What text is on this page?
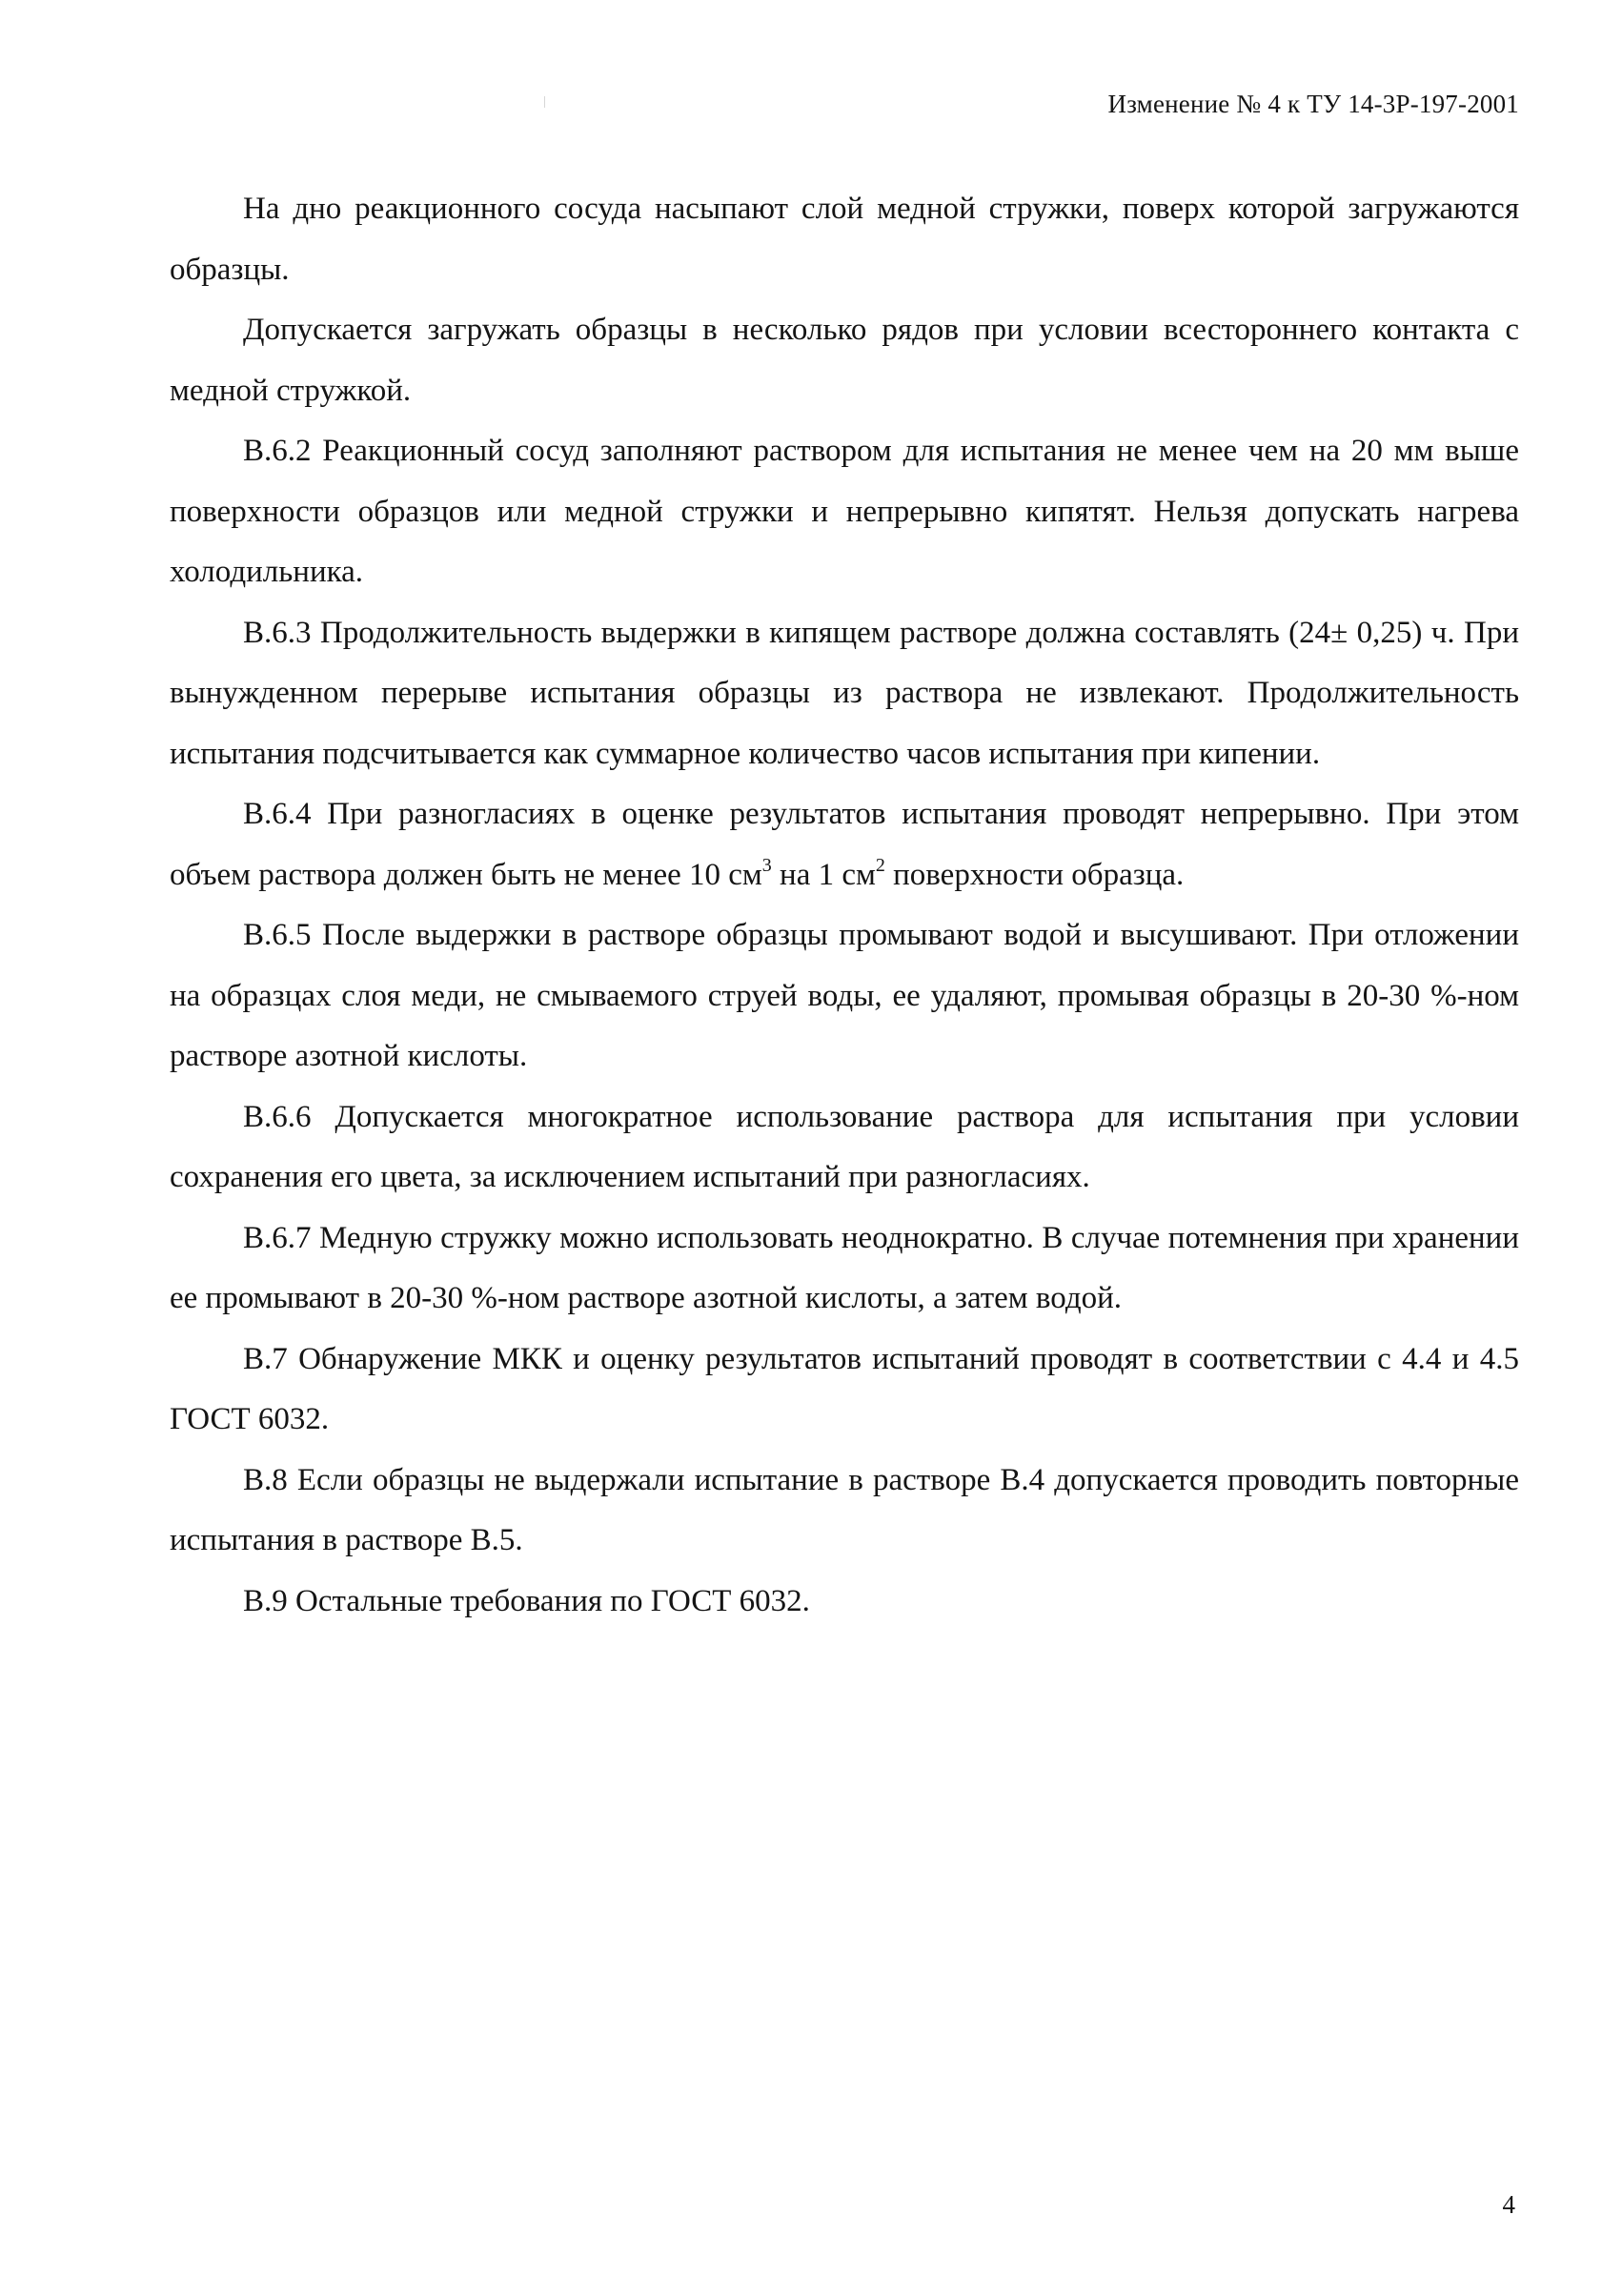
Изменение № 4 к ТУ 14-3Р-197-2001

На дно реакционного сосуда насыпают слой медной стружки, поверх которой загружаются образцы.

Допускается загружать образцы в несколько рядов при условии всестороннего контакта с медной стружкой.

В.6.2 Реакционный сосуд заполняют раствором для испытания не менее чем на 20 мм выше поверхности образцов или медной стружки и непрерывно кипятят. Нельзя допускать нагрева холодильника.

В.6.3 Продолжительность выдержки в кипящем растворе должна составлять (24± 0,25) ч. При вынужденном перерыве испытания образцы из раствора не извлекают. Продолжительность испытания подсчитывается как суммарное количество часов испытания при кипении.

В.6.4 При разногласиях в оценке результатов испытания проводят непрерывно. При этом объем раствора должен быть не менее 10 $см^3$ на 1 $см^2$ поверхности образца.

В.6.5 После выдержки в растворе образцы промывают водой и высушивают. При отложении на образцах слоя меди, не смываемого струей воды, ее удаляют, промывая образцы в 20-30 %-ном растворе азотной кислоты.

В.6.6 Допускается многократное использование раствора для испытания при условии сохранения его цвета, за исключением испытаний при разногласиях.

В.6.7 Медную стружку можно использовать неоднократно. В случае потемнения при хранении ее промывают в 20-30 %-ном растворе азотной кислоты, а затем водой.

В.7 Обнаружение МКК и оценку результатов испытаний проводят в соответствии с 4.4 и 4.5 ГОСТ 6032.

В.8 Если образцы не выдержали испытание в растворе В.4 допускается проводить повторные испытания в растворе В.5.

В.9 Остальные требования по ГОСТ 6032.

4
